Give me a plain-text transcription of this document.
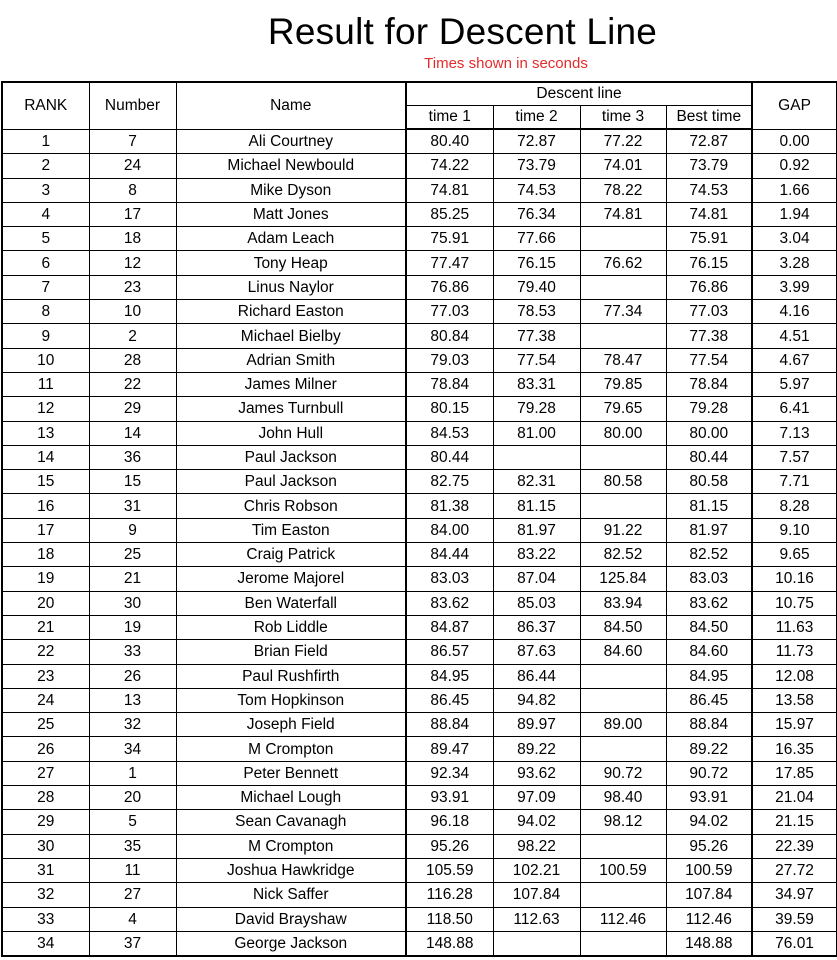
Result for Descent Line
Times shown in seconds
RANK	Number	Name	Descent line				GAP
			time 1	time 2	time 3	Best time	
1	7	Ali Courtney	80.40	72.87	77.22	72.87	0.00
2	24	Michael Newbould	74.22	73.79	74.01	73.79	0.92
3	8	Mike Dyson	74.81	74.53	78.22	74.53	1.66
4	17	Matt Jones	85.25	76.34	74.81	74.81	1.94
5	18	Adam Leach	75.91	77.66		75.91	3.04
6	12	Tony Heap	77.47	76.15	76.62	76.15	3.28
7	23	Linus Naylor	76.86	79.40		76.86	3.99
8	10	Richard Easton	77.03	78.53	77.34	77.03	4.16
9	2	Michael Bielby	80.84	77.38		77.38	4.51
10	28	Adrian Smith	79.03	77.54	78.47	77.54	4.67
11	22	James Milner	78.84	83.31	79.85	78.84	5.97
12	29	James Turnbull	80.15	79.28	79.65	79.28	6.41
13	14	John Hull	84.53	81.00	80.00	80.00	7.13
14	36	Paul Jackson	80.44			80.44	7.57
15	15	Paul Jackson	82.75	82.31	80.58	80.58	7.71
16	31	Chris Robson	81.38	81.15		81.15	8.28
17	9	Tim Easton	84.00	81.97	91.22	81.97	9.10
18	25	Craig Patrick	84.44	83.22	82.52	82.52	9.65
19	21	Jerome Majorel	83.03	87.04	125.84	83.03	10.16
20	30	Ben Waterfall	83.62	85.03	83.94	83.62	10.75
21	19	Rob Liddle	84.87	86.37	84.50	84.50	11.63
22	33	Brian Field	86.57	87.63	84.60	84.60	11.73
23	26	Paul Rushfirth	84.95	86.44		84.95	12.08
24	13	Tom Hopkinson	86.45	94.82		86.45	13.58
25	32	Joseph Field	88.84	89.97	89.00	88.84	15.97
26	34	M Crompton	89.47	89.22		89.22	16.35
27	1	Peter Bennett	92.34	93.62	90.72	90.72	17.85
28	20	Michael Lough	93.91	97.09	98.40	93.91	21.04
29	5	Sean Cavanagh	96.18	94.02	98.12	94.02	21.15
30	35	M Crompton	95.26	98.22		95.26	22.39
31	11	Joshua Hawkridge	105.59	102.21	100.59	100.59	27.72
32	27	Nick Saffer	116.28	107.84		107.84	34.97
33	4	David Brayshaw	118.50	112.63	112.46	112.46	39.59
34	37	George Jackson	148.88			148.88	76.01
